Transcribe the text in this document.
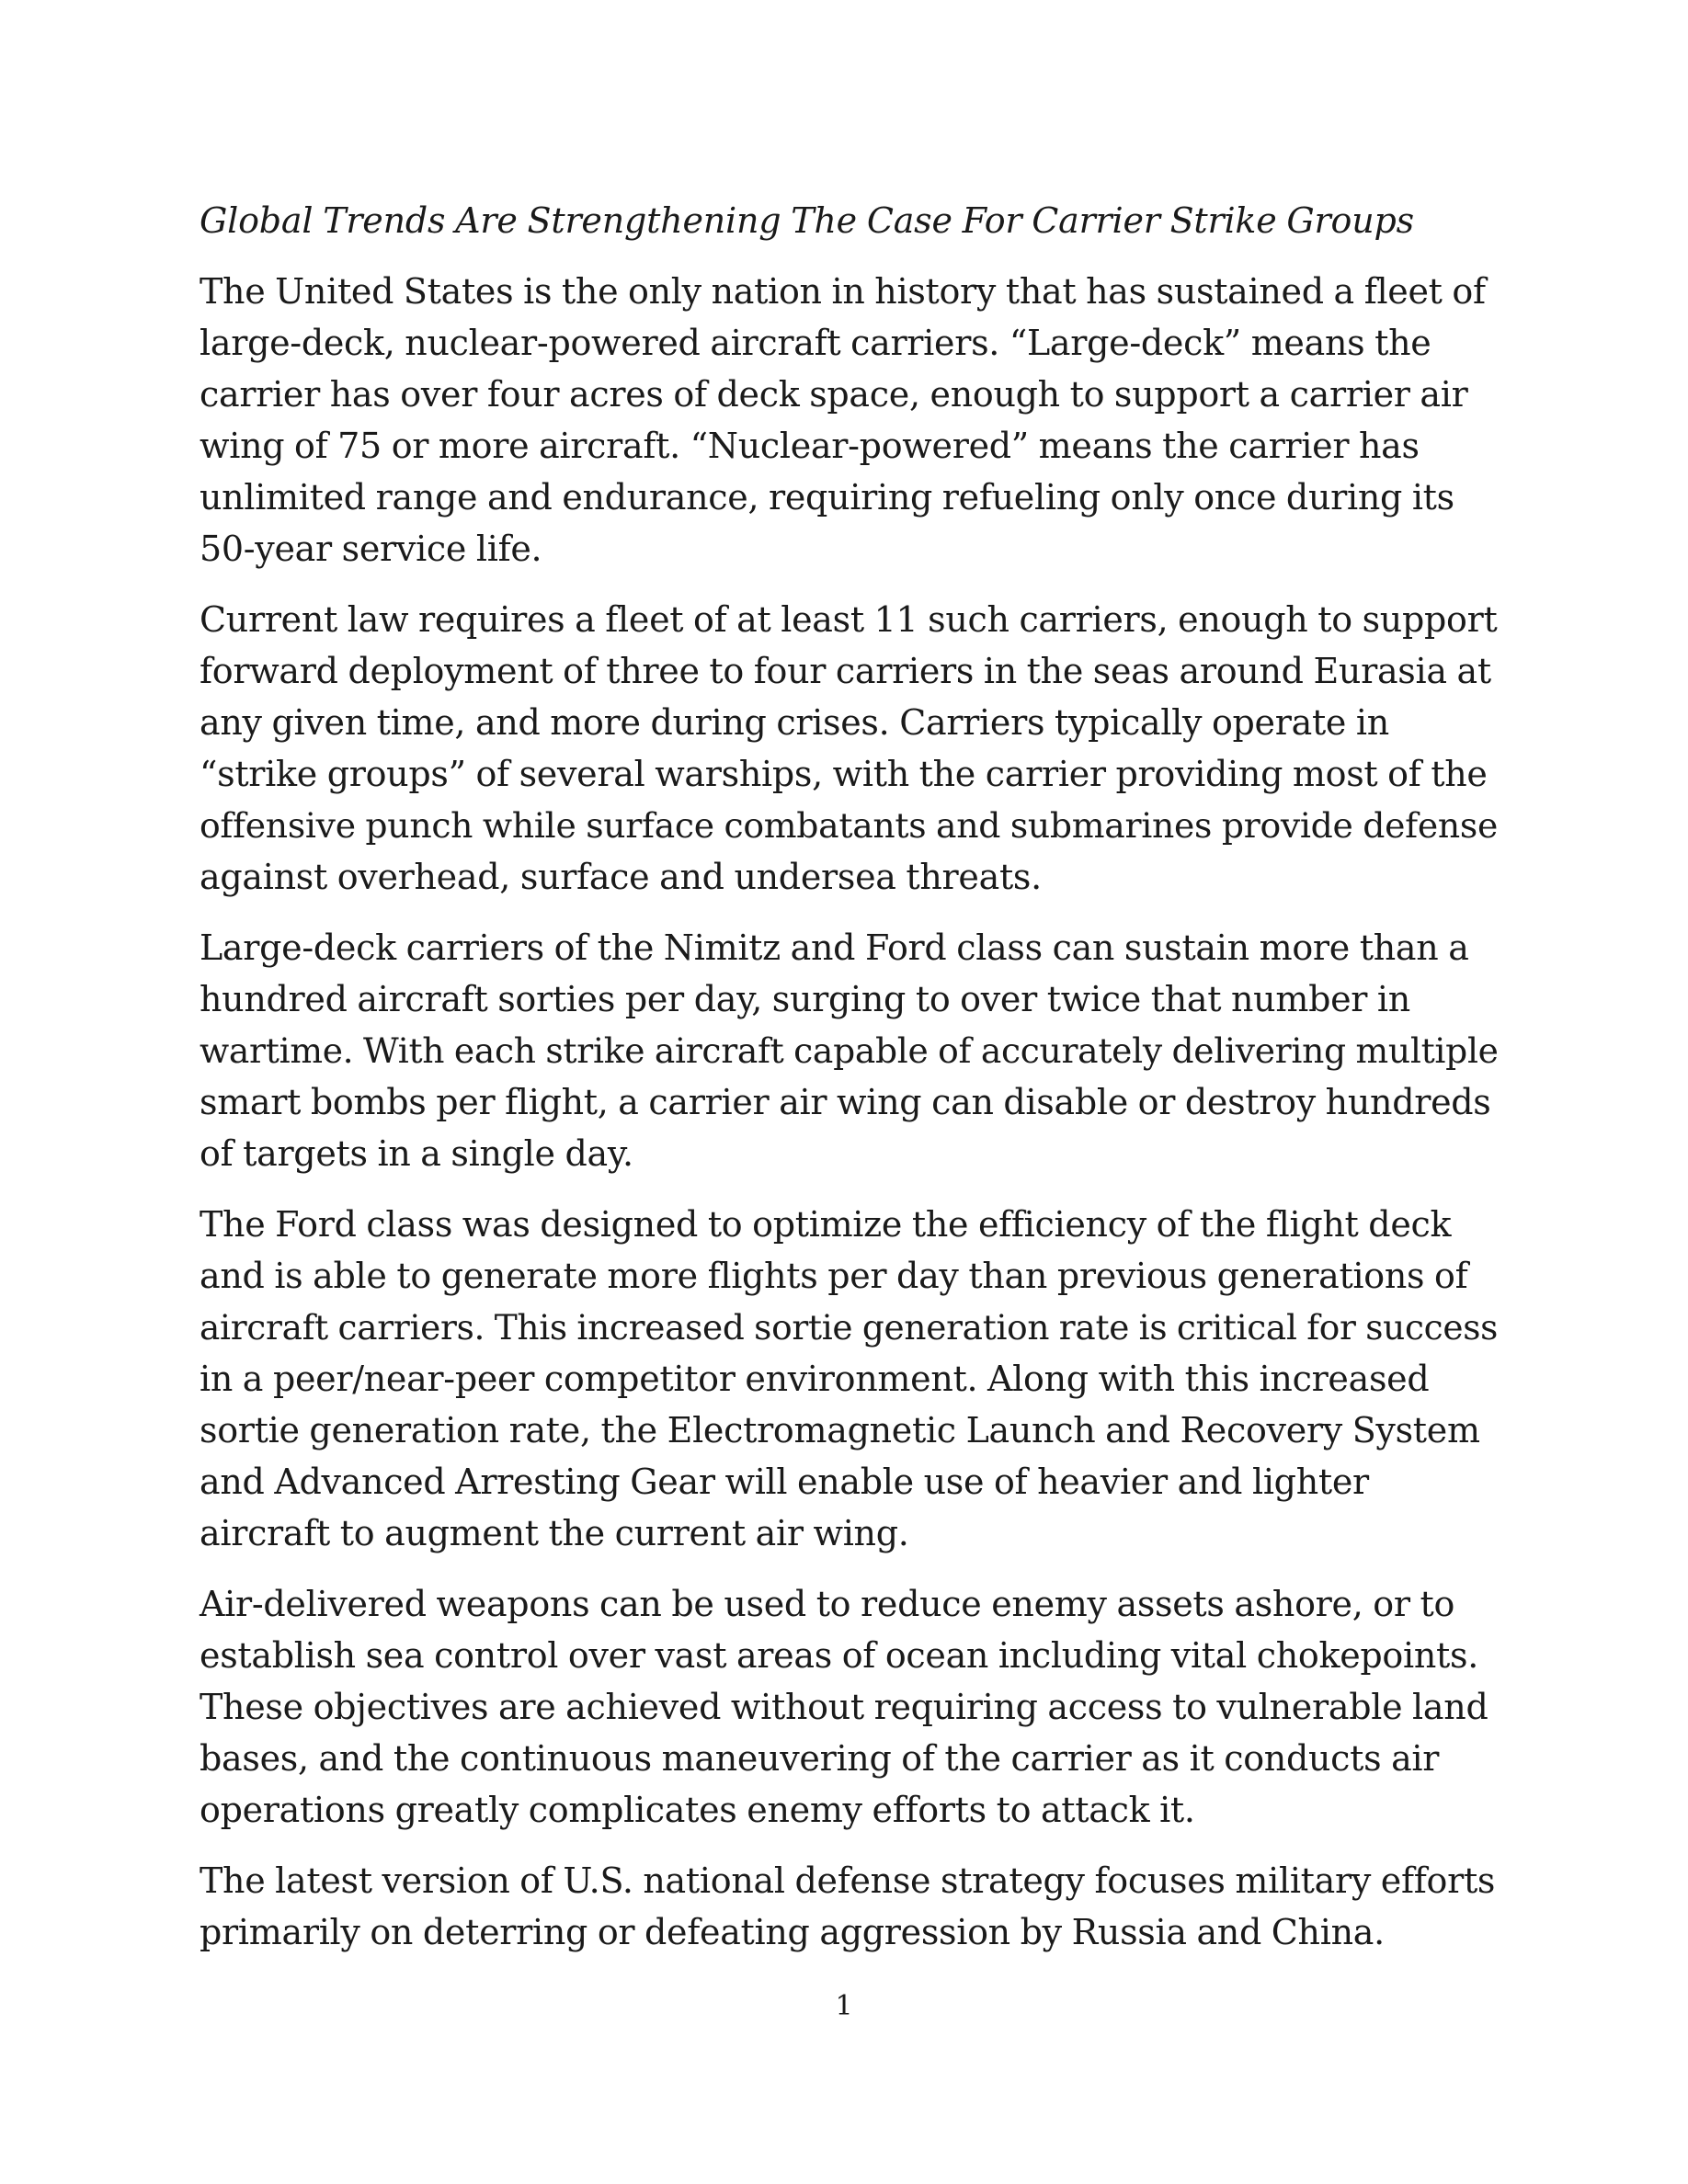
Global Trends Are Strengthening The Case For Carrier Strike Groups

The United States is the only nation in history that has sustained a fleet of
large-deck, nuclear-powered aircraft carriers. “Large-deck” means the
carrier has over four acres of deck space, enough to support a carrier air
wing of 75 or more aircraft. “Nuclear-powered” means the carrier has
unlimited range and endurance, requiring refueling only once during its
50-year service life.

Current law requires a fleet of at least 11 such carriers, enough to support
forward deployment of three to four carriers in the seas around Eurasia at
any given time, and more during crises. Carriers typically operate in
“strike groups” of several warships, with the carrier providing most of the
offensive punch while surface combatants and submarines provide defense
against overhead, surface and undersea threats.

Large-deck carriers of the Nimitz and Ford class can sustain more than a
hundred aircraft sorties per day, surging to over twice that number in
wartime. With each strike aircraft capable of accurately delivering multiple
smart bombs per flight, a carrier air wing can disable or destroy hundreds
of targets in a single day.

The Ford class was designed to optimize the efficiency of the flight deck
and is able to generate more flights per day than previous generations of
aircraft carriers. This increased sortie generation rate is critical for success
in a peer/near-peer competitor environment. Along with this increased
sortie generation rate, the Electromagnetic Launch and Recovery System
and Advanced Arresting Gear will enable use of heavier and lighter
aircraft to augment the current air wing.

Air-delivered weapons can be used to reduce enemy assets ashore, or to
establish sea control over vast areas of ocean including vital chokepoints.
These objectives are achieved without requiring access to vulnerable land
bases, and the continuous maneuvering of the carrier as it conducts air
operations greatly complicates enemy efforts to attack it.

The latest version of U.S. national defense strategy focuses military efforts
primarily on deterring or defeating aggression by Russia and China.

1
